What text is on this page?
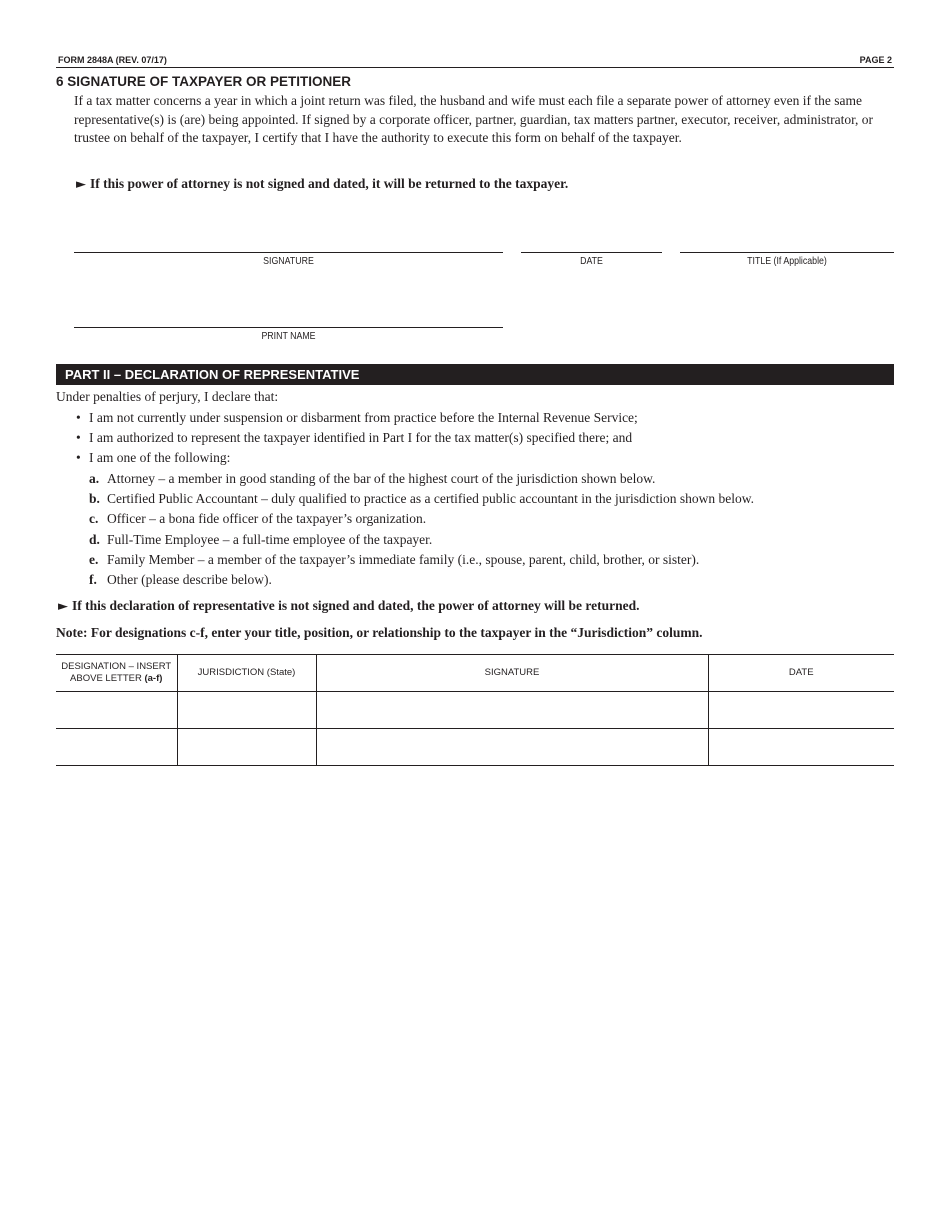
FORM 2848A (REV. 07/17)	PAGE 2
6 SIGNATURE OF TAXPAYER OR PETITIONER
If a tax matter concerns a year in which a joint return was filed, the husband and wife must each file a separate power of attorney even if the same representative(s) is (are) being appointed. If signed by a corporate officer, partner, guardian, tax matters partner, executor, receiver, administrator, or trustee on behalf of the taxpayer, I certify that I have the authority to execute this form on behalf of the taxpayer.
► If this power of attorney is not signed and dated, it will be returned to the taxpayer.
SIGNATURE	DATE	TITLE (If Applicable)
PRINT NAME
PART II – DECLARATION OF REPRESENTATIVE
Under penalties of perjury, I declare that:
• I am not currently under suspension or disbarment from practice before the Internal Revenue Service;
• I am authorized to represent the taxpayer identified in Part I for the tax matter(s) specified there; and
• I am one of the following:
a. Attorney – a member in good standing of the bar of the highest court of the jurisdiction shown below.
b. Certified Public Accountant – duly qualified to practice as a certified public accountant in the jurisdiction shown below.
c. Officer – a bona fide officer of the taxpayer’s organization.
d. Full-Time Employee – a full-time employee of the taxpayer.
e. Family Member – a member of the taxpayer’s immediate family (i.e., spouse, parent, child, brother, or sister).
f. Other (please describe below).
► If this declaration of representative is not signed and dated, the power of attorney will be returned.
Note: For designations c-f, enter your title, position, or relationship to the taxpayer in the “Jurisdiction” column.
DESIGNATION – INSERT
ABOVE LETTER (a-f)	JURISDICTION (State)	SIGNATURE	DATE
